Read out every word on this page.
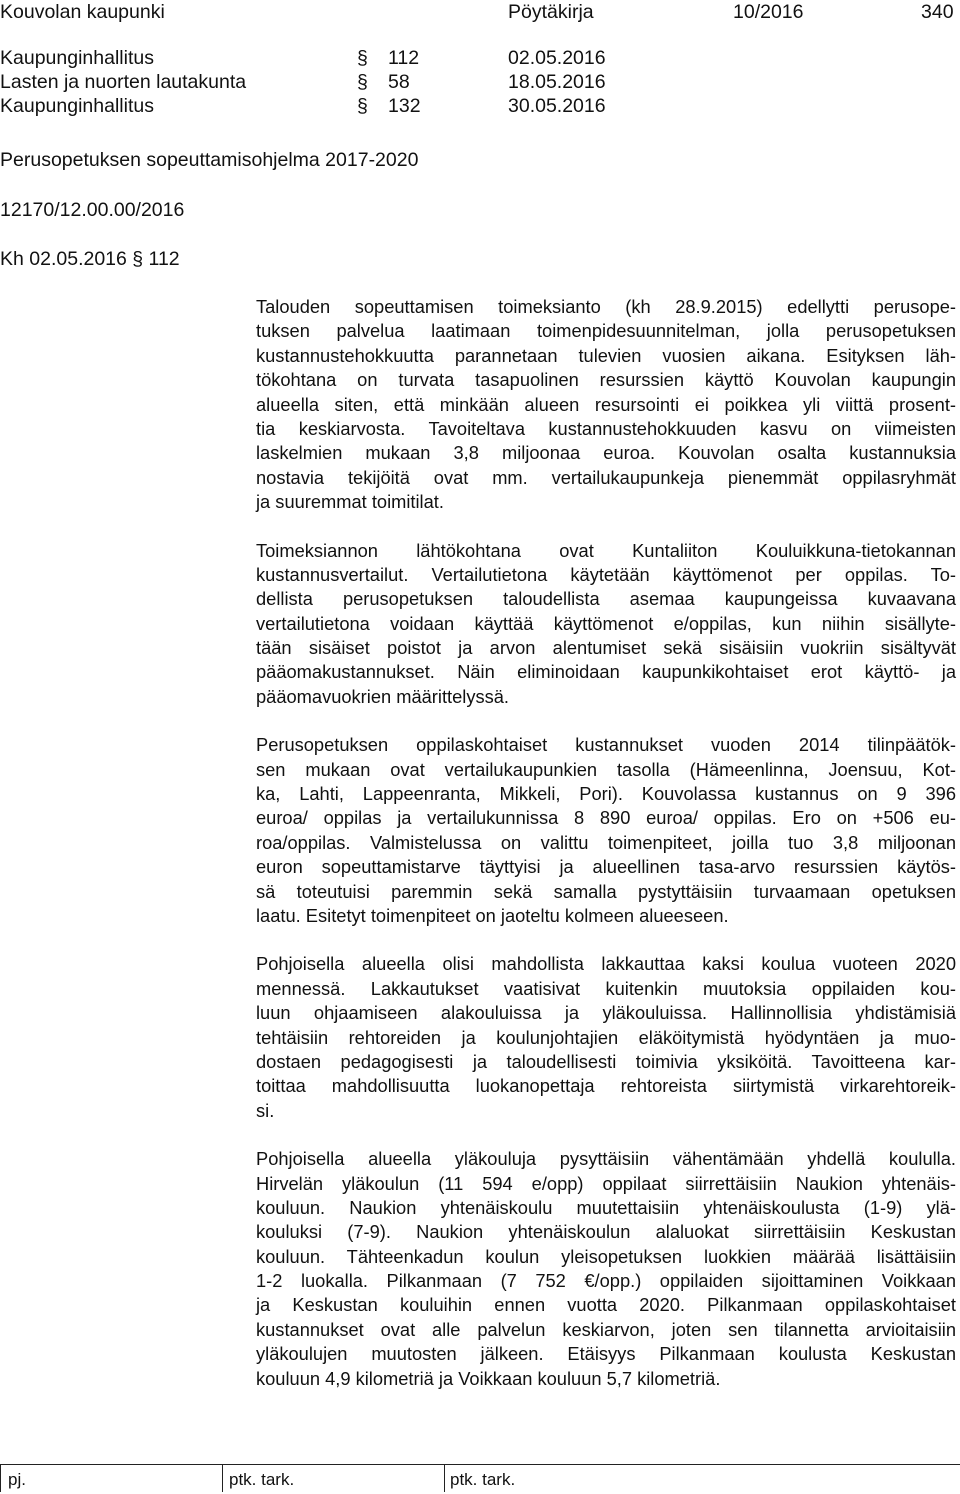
Kouvolan kaupunki	Pöytäkirja	10/2016	340
Kaupunginhallitus	§ 112	02.05.2016
Lasten ja nuorten lautakunta	§ 58	18.05.2016
Kaupunginhallitus	§ 132	30.05.2016
Perusopetuksen sopeuttamisohjelma 2017-2020
12170/12.00.00/2016
Kh 02.05.2016 § 112
Talouden sopeuttamisen toimeksianto (kh 28.9.2015) edellytti perusope-
tuksen palvelua laatimaan toimenpidesuunnitelman, jolla perusopetuksen
kustannustehokkuutta parannetaan tulevien vuosien aikana. Esityksen läh-
tökohtana on turvata tasapuolinen resurssien käyttö Kouvolan kaupungin
alueella siten, että minkään alueen resursointi ei poikkea yli viittä prosent-
tia keskiarvosta. Tavoiteltava kustannustehokkuuden kasvu on viimeisten
laskelmien mukaan 3,8 miljoonaa euroa. Kouvolan osalta kustannuksia
nostavia tekijöitä ovat mm. vertailukaupunkeja pienemmät oppilasryhmät
ja suuremmat toimitilat.
Toimeksiannon lähtökohtana ovat Kuntaliiton Kouluikkuna-tietokannan
kustannusvertailut. Vertailutietona käytetään käyttömenot per oppilas. To-
dellista perusopetuksen taloudellista asemaa kaupungeissa kuvaavana
vertailutietona voidaan käyttää käyttömenot e/oppilas, kun niihin sisällyte-
tään sisäiset poistot ja arvon alentumiset sekä sisäisiin vuokriin sisältyvät
pääomakustannukset. Näin eliminoidaan kaupunkikohtaiset erot käyttö- ja
pääomavuokrien määrittelyssä.
Perusopetuksen oppilaskohtaiset kustannukset vuoden 2014 tilinpäätök-
sen mukaan ovat vertailukaupunkien tasolla (Hämeenlinna, Joensuu, Kot-
ka, Lahti, Lappeenranta, Mikkeli, Pori). Kouvolassa kustannus on 9 396
euroa/ oppilas ja vertailukunnissa 8 890 euroa/ oppilas. Ero on +506 eu-
roa/oppilas. Valmistelussa on valittu toimenpiteet, joilla tuo 3,8 miljoonan
euron sopeuttamistarve täyttyisi ja alueellinen tasa-arvo resurssien käytös-
sä toteutuisi paremmin sekä samalla pystyttäisiin turvaamaan opetuksen
laatu. Esitetyt toimenpiteet on jaoteltu kolmeen alueeseen.
Pohjoisella alueella olisi mahdollista lakkauttaa kaksi koulua vuoteen 2020
mennessä. Lakkautukset vaatisivat kuitenkin muutoksia oppilaiden kou-
luun ohjaamiseen alakouluissa ja yläkouluissa. Hallinnollisia yhdistämisiä
tehtäisiin rehtoreiden ja koulunjohtajien eläköitymistä hyödyntäen ja muo-
dostaen pedagogisesti ja taloudellisesti toimivia yksiköitä. Tavoitteena kar-
toittaa mahdollisuutta luokanopettaja rehtoreista siirtymistä virkarehtoreik-
si.
Pohjoisella alueella yläkouluja pysyttäisiin vähentämään yhdellä koululla.
Hirvelän yläkoulun (11 594 e/opp) oppilaat siirrettäisiin Naukion yhtenäis-
kouluun. Naukion yhtenäiskoulu muutettaisiin yhtenäiskoulusta (1-9) ylä-
kouluksi (7-9). Naukion yhtenäiskoulun alaluokat siirrettäisiin Keskustan
kouluun. Tähteenkadun koulun yleisopetuksen luokkien määrää lisättäisiin
1-2 luokalla. Pilkanmaan (7 752 €/opp.) oppilaiden sijoittaminen Voikkaan
ja Keskustan kouluihin ennen vuotta 2020. Pilkanmaan oppilaskohtaiset
kustannukset ovat alle palvelun keskiarvon, joten sen tilannetta arvioitaisiin
yläkoulujen muutosten jälkeen. Etäisyys Pilkanmaan koulusta Keskustan
kouluun 4,9 kilometriä ja Voikkaan kouluun 5,7 kilometriä.
pj.	ptk. tark.	ptk. tark.
